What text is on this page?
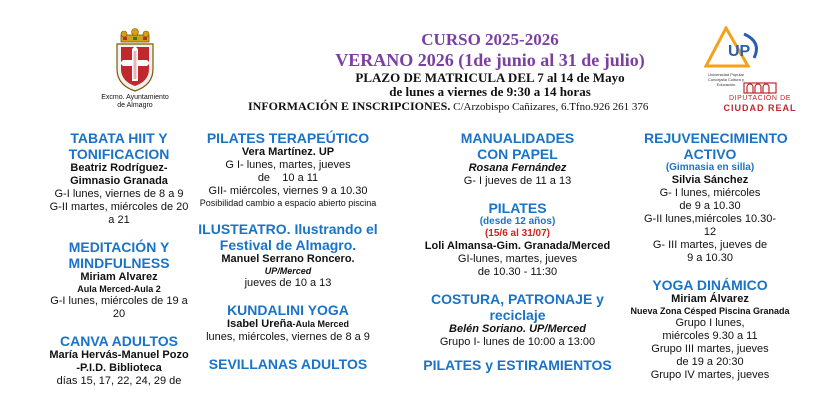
CURSO 2025-2026
VERANO 2026 (1de junio al 31 de julio)
PLAZO DE MATRICULA DEL 7 al 14 de Mayo
de lunes a viernes de 9:30 a 14 horas
INFORMACIÓN E INSCRIPCIONES. C/Arzobispo Cañizares, 6.Tfno.926 261 376
Excmo. Ayuntamiento de Almagro
UP
Universidad Popular Concejalía Cultura y Educación
DIPUTACIÓN DE
CIUDAD REAL
TABATA HIIT Y TONIFICACION
Beatriz Rodríguez-Gimnasio Granada
G-I lunes, viernes de 8 a 9
G-II martes, miércoles de 20 a 21
MEDITACIÓN Y MINDFULNESS
Miriam Alvarez
Aula Merced-Aula 2
G-I lunes, miércoles de 19 a 20
CANVA ADULTOS
María Hervás-Manuel Pozo -P.I.D. Biblioteca
días 15, 17, 22, 24, 29 de
PILATES TERAPEÚTICO
Vera Martínez. UP
G I- lunes, martes, jueves
de    10 a 11
GII- miércoles, viernes 9 a 10.30
Posibilidad cambio a espacio abierto piscina
ILUSTEATRO. Ilustrando el Festival de Almagro.
Manuel Serrano Roncero.
UP/Merced
jueves de 10 a 13
KUNDALINI YOGA
Isabel Ureña-Aula Merced
lunes, miércoles, viernes de 8 a 9
SEVILLANAS ADULTOS
MANUALIDADES CON PAPEL
Rosana Fernández
G- I jueves de 11 a 13
PILATES
(desde 12 años)
(15/6 al 31/07)
Loli Almansa-Gim. Granada/Merced
GI-lunes, martes, jueves
de 10.30 - 11:30
COSTURA, PATRONAJE y reciclaje
Belén Soriano. UP/Merced
Grupo I- lunes de 10:00 a 13:00
PILATES y ESTIRAMIENTOS
REJUVENECIMIENTO ACTIVO
(Gimnasia en silla)
Silvia Sánchez
G- I lunes, miércoles de 9 a 10.30
G-II lunes,miércoles 10.30-12
G- III martes, jueves de 9 a 10.30
YOGA DINÁMICO
Miriam Álvarez
Nueva Zona Césped Piscina Granada
Grupo I lunes, miércoles 9.30 a 11
Grupo III martes, jueves de 19 a 20:30
Grupo IV martes, jueves
